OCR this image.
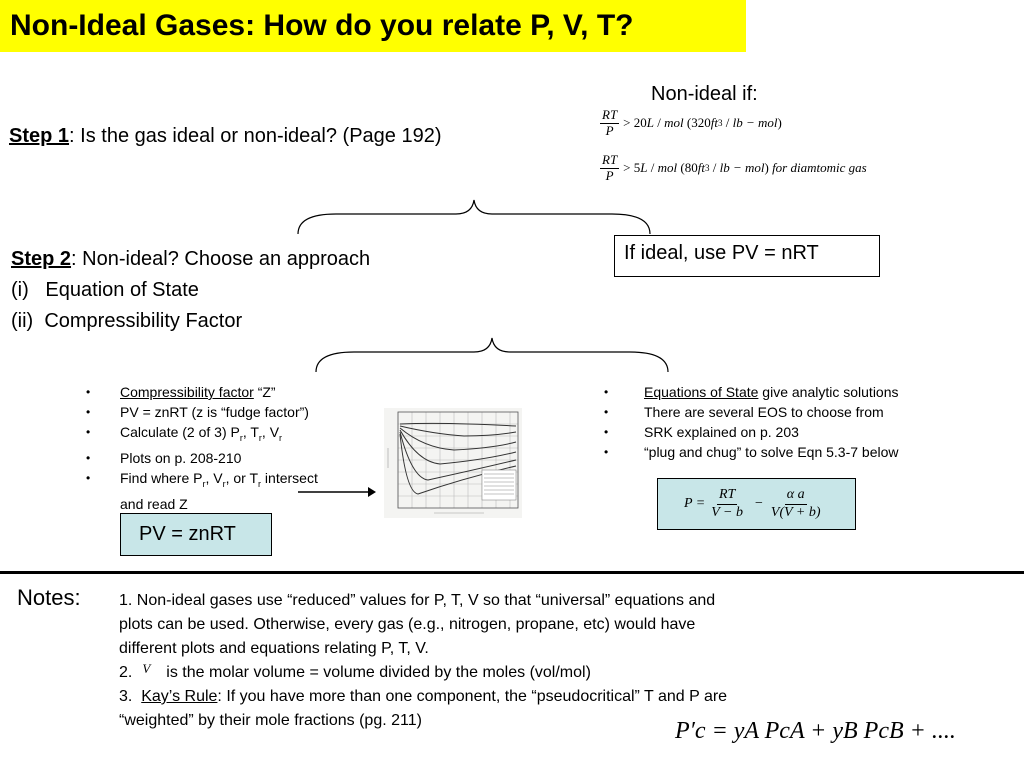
Non-Ideal Gases: How do you relate P, V, T?
Non-ideal if:
$\frac{RT}{P} > 20$ L / mol (320 ft 3 / lb − mol )
$\frac{RT}{P} > 5$ L / mol (80 ft 3 / lb − mol ) for diamtomic gas
Step 1: Is the gas ideal or non-ideal? (Page 192)
If ideal, use PV = nRT
Step 2: Non-ideal? Choose an approach
(i)   Equation of State
(ii)  Compressibility Factor
• Compressibility factor “Z”
• PV = znRT (z is “fudge factor”)
• Calculate (2 of 3) $P_r$, $T_r$, $V_r$
• Plots on p. 208-210
• Find where $P_r$, $V_r$, or $T_r$ intersect
and read Z
PV = znRT
•	Equations of State give analytic solutions
•	There are several EOS to choose from
•	SRK explained on p. 203
•	“plug and chug” to solve Eqn 5.3-7 below
$P = \frac{RT}{V - b} - \frac{\text{α a}}{V(V + b)}$
Notes: 1. Non-ideal gases use “reduced” values for P, T, V so that “universal” equations and
plots can be used. Otherwise, every gas (e.g., nitrogen, propane, etc) would have
different plots and equations relating P, T, V.
2. $^V$ is the molar volume = volume divided by the moles (vol/mol)
3.  Kay’s Rule: If you have more than one component, the “pseudocritical” T and P are
“weighted” by their mole fractions (pg. 211)	P′c = yA PcA + yB PcB + ....
